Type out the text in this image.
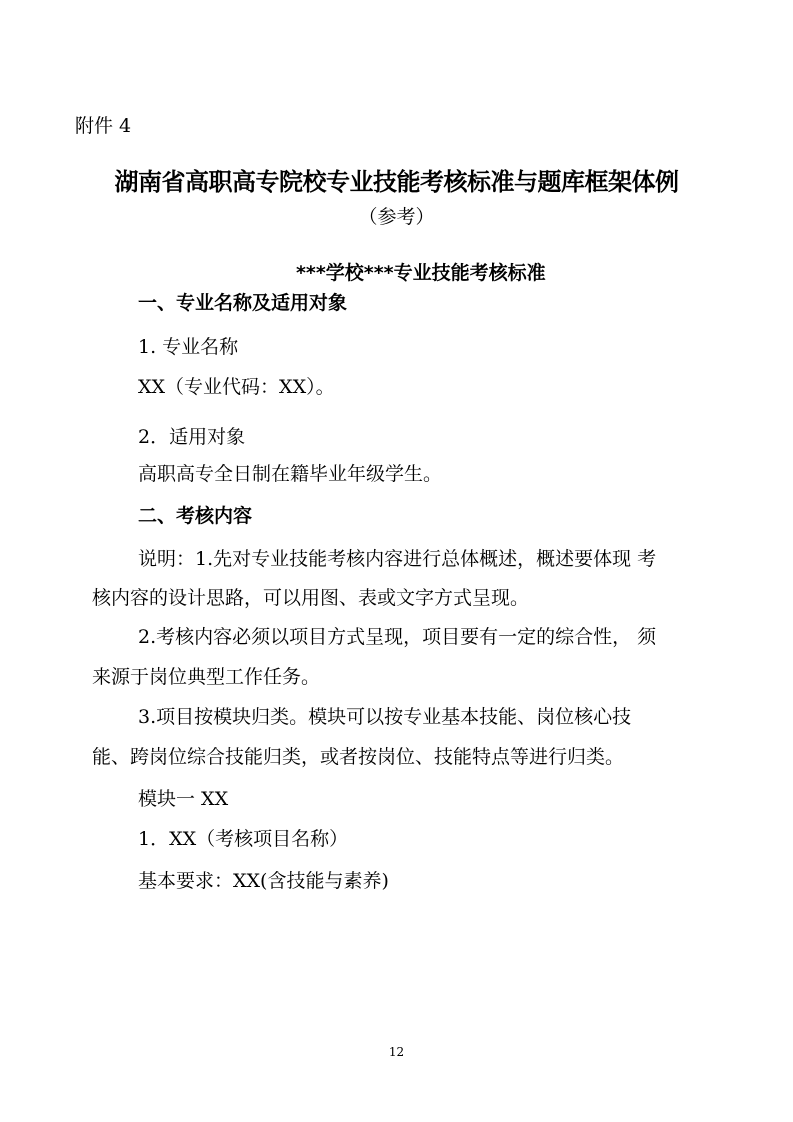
附件 4
湖南省高职高专院校专业技能考核标准与题库框架体例
（参考）
***学校***专业技能考核标准
一、专业名称及适用对象
1. 专业名称
XX（专业代码：XX）。
2．适用对象
高职高专全日制在籍毕业年级学生。
二、考核内容
说明：1.先对专业技能考核内容进行总体概述，概述要体现 考
核内容的设计思路，可以用图、表或文字方式呈现。
2.考核内容必须以项目方式呈现，项目要有一定的综合性， 须
来源于岗位典型工作任务。
3.项目按模块归类。模块可以按专业基本技能、岗位核心技
能、跨岗位综合技能归类，或者按岗位、技能特点等进行归类。
模块一 XX
1．XX（考核项目名称）
基本要求：XX(含技能与素养)
12
